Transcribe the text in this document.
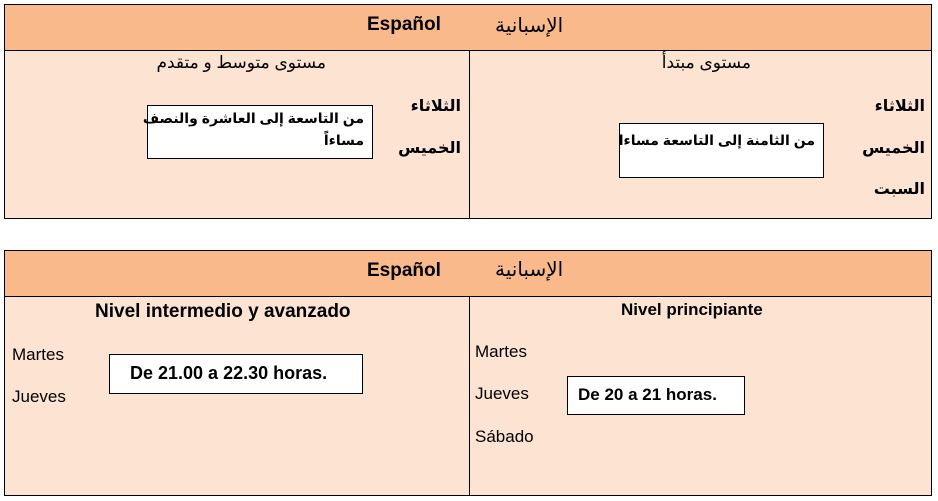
Español	الإسبانية
مستوى متوسط و متقدم
الثلاثاء
الخميس
من التاسعة إلى العاشرة والنصف
مساءاً
مستوى مبتدأ
الثلاثاء
الخميس
السبت
من الثامنة إلى التاسعة مساءا
Español	الإسبانية
Nivel intermedio y avanzado
Martes
Jueves
De 21.00 a 22.30 horas.
Nivel principiante
Martes
Jueves
Sábado
De 20 a 21 horas.
